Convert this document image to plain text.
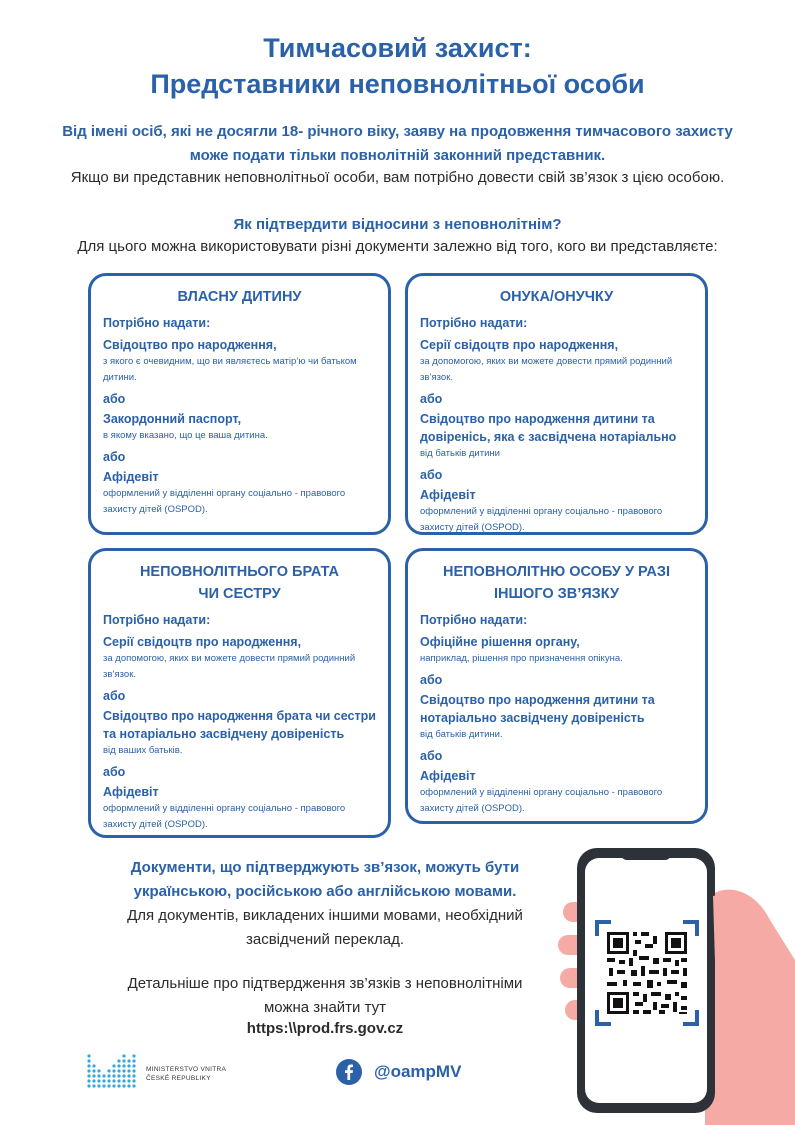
Тимчасовий захист:
Представники неповнолітньої особи
Від імені осіб, які не досягли 18- річного віку, заяву на продовження тимчасового захисту
може подати тільки повнолітній законний представник.
Якщо ви представник неповнолітньої особи, вам потрібно довести свій зв’язок з цією особою.
Як підтвердити відносини з неповнолітнім?
Для цього можна використовувати різні документи залежно від того, кого ви представляєте:
ВЛАСНУ ДИТИНУ
Потрібно надати:
Свідоцтво про народження,
з якого є очевидним, що ви являєтесь матір’ю чи батьком дитини.
або
Закордонний паспорт,
в якому вказано, що це ваша дитина.
або
Афідевіт
оформлений у відділенні органу соціально - правового захисту дітей (OSPOD).
ОНУКА/ОНУЧКУ
Потрібно надати:
Серії свідоцтв про народження,
за допомогою, яких ви можете довести прямий родинний зв’язок.
або
Свідоцтво про народження дитини та довіренісь, яка є засвідчена нотаріально
від батьків дитини
або
Афідевіт
оформлений у відділенні органу соціально - правового захисту дітей (OSPOD).
НЕПОВНОЛІТНЬОГО БРАТА
ЧИ СЕСТРУ
Потрібно надати:
Серії свідоцтв про народження,
за допомогою, яких ви можете довести прямий родинний зв’язок.
або
Свідоцтво про народження брата чи сестри та нотаріально засвідчену довіреність
від ваших батьків.
або
Афідевіт
оформлений у відділенні органу соціально - правового захисту дітей (OSPOD).
НЕПОВНОЛІТНЮ ОСОБУ У РАЗІ
ІНШОГО ЗВ’ЯЗКУ
Потрібно надати:
Офіційне рішення органу,
наприклад, рішення про призначення опікуна.
або
Свідоцтво про народження дитини та нотаріально засвідчену довіреність
від батьків дитини.
або
Афідевіт
оформлений у відділенні органу соціально - правового захисту дітей (OSPOD).
Документи, що підтверджують зв’язок, можуть бути
українською, російською або англійською мовами.
Для документів, викладених іншими мовами, необхідний
засвідчений переклад.
Детальніше про підтвердження зв’язків з неповнолітніми
можна знайти тут
https:\\prod.frs.gov.cz
MINISTERSTVO VNITRA
ČESKÉ REPUBLIKY	@oampMV
